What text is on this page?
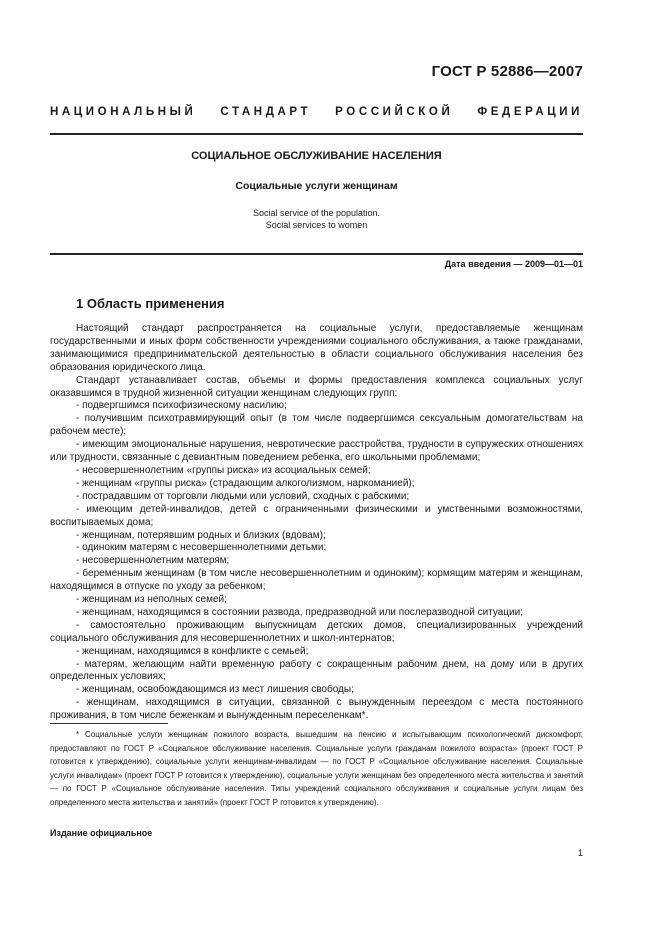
ГОСТ Р 52886—2007
НАЦИОНАЛЬНЫЙ СТАНДАРТ РОССИЙСКОЙ ФЕДЕРАЦИИ
СОЦИАЛЬНОЕ ОБСЛУЖИВАНИЕ НАСЕЛЕНИЯ
Социальные услуги женщинам
Social service of the population.
Social services to women
Дата введения — 2009—01—01
1 Область применения

Настоящий стандарт распространяется на социальные услуги, предоставляемые женщинам государственными и иных форм собственности учреждениями социального обслуживания, а также гражданами, занимающимися предпринимательской деятельностью в области социального обслуживания населения без образования юридического лица.

Стандарт устанавливает состав, объемы и формы предоставления комплекса социальных услуг оказавшимся в трудной жизненной ситуации женщинам следующих групп:

- подвергшимся психофизическому насилию;

- получившим психотравмирующий опыт (в том числе подвергшимся сексуальным домогательствам на рабочем месте);

- имеющим эмоциональные нарушения, невротические расстройства, трудности в супружеских отношениях или трудности, связанные с девиантным поведением ребенка, его школьными проблемами;

- несовершеннолетним «группы риска» из асоциальных семей;

- женщинам «группы риска» (страдающим алкоголизмом, наркоманией);

- пострадавшим от торговли людьми или условий, сходных с рабскими;

- имеющим детей-инвалидов, детей с ограниченными физическими и умственными возможностями, воспитываемых дома;

- женщинам, потерявшим родных и близких (вдовам);

- одиноким матерям с несовершеннолетними детьми;

- несовершеннолетним матерям;

- беременным женщинам (в том числе несовершеннолетним и одиноким); кормящим матерям и женщинам, находящимся в отпуске по уходу за ребенком;

- женщинам из неполных семей;

- женщинам, находящимся в состоянии развода, предразводной или послеразводной ситуации;

- самостоятельно проживающим выпускницам детских домов, специализированных учреждений социального обслуживания для несовершеннолетних и школ-интернатов;

- женщинам, находящимся в конфликте с семьей;

- матерям, желающим найти временную работу с сокращенным рабочим днем, на дому или в других определенных условиях;

- женщинам, освобождающимся из мест лишения свободы;

- женщинам, находящимся в ситуации, связанной с вынужденным переездом с места постоянного проживания, в том числе беженкам и вынужденным переселенкам*.

* Социальные услуги женщинам пожилого возраста, вышедшим на пенсию и испытывающим психологический дискомфорт, предоставляют по ГОСТ Р «Социальное обслуживание населения. Социальные услуги гражданам пожилого возраста» (проект ГОСТ Р готовится к утверждению), социальные услуги женщинам-инвалидам — по ГОСТ Р «Социальное обслуживание населения. Социальные услуги инвалидам» (проект ГОСТ Р готовится к утверждению), социальные услуги женщинам без определенного места жительства и занятий — по ГОСТ Р «Социальное обслуживание населения. Типы учреждений социального обслуживания и социальные услуги лицам без определенного места жительства и занятий» (проект ГОСТ Р готовится к утверждению).

Издание официальное
1
